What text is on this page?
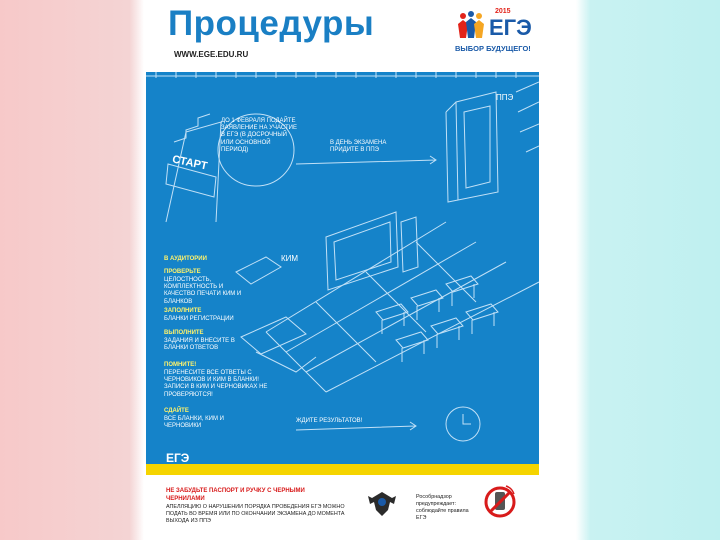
Процедуры
WWW.EGE.EDU.RU
2015
ЕГЭ
ВЫБОР БУДУЩЕГО!
СТАРТ
ППЭ
КИМ
ДО 1 ФЕВРАЛЯ ПОДАЙТЕ ЗАЯВЛЕНИЕ НА УЧАСТИЕ В ЕГЭ (В ДОСРОЧНЫЙ ИЛИ ОСНОВНОЙ ПЕРИОД)
В ДЕНЬ ЭКЗАМЕНА ПРИДИТЕ В ППЭ
В АУДИТОРИИ
ПРОВЕРЬТЕ
ЦЕЛОСТНОСТЬ, КОМПЛЕКТНОСТЬ И КАЧЕСТВО ПЕЧАТИ КИМ И БЛАНКОВ
ЗАПОЛНИТЕ
БЛАНКИ РЕГИСТРАЦИИ
ВЫПОЛНИТЕ
ЗАДАНИЯ И ВНЕСИТЕ В БЛАНКИ ОТВЕТОВ
ПОМНИТЕ!
ПЕРЕНЕСИТЕ ВСЕ ОТВЕТЫ С ЧЕРНОВИКОВ И КИМ В БЛАНКИ! ЗАПИСИ В КИМ И ЧЕРНОВИКАХ НЕ ПРОВЕРЯЮТСЯ!
СДАЙТЕ
ВСЕ БЛАНКИ, КИМ И ЧЕРНОВИКИ
ЖДИТЕ РЕЗУЛЬТАТОВ!
ЕГЭ
НЕ ЗАБУДЬТЕ ПАСПОРТ И РУЧКУ С ЧЕРНЫМИ ЧЕРНИЛАМИ
АПЕЛЛЯЦИЮ О НАРУШЕНИИ ПОРЯДКА ПРОВЕДЕНИЯ ЕГЭ МОЖНО ПОДАТЬ ВО ВРЕМЯ ИЛИ ПО ОКОНЧАНИИ ЭКЗАМЕНА ДО МОМЕНТА ВЫХОДА ИЗ ППЭ
Рособрнадзор предупреждает: соблюдайте правила ЕГЭ
